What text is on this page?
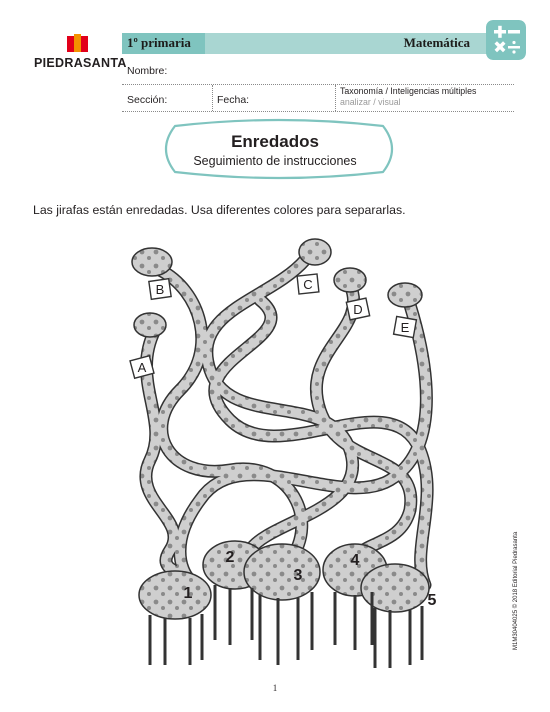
PIEDRASANTA
1º primaria	Matemática
Nombre:
Sección:	Fecha:
Taxonomía / Inteligencias múltiples
analizar / visual
Enredados
Seguimiento de instrucciones
Las jirafas están enredadas. Usa diferentes colores para separarlas.
A
B	C
D
E
1
2
3
4
5	M1M30404025 © 2018 Editorial Piedrasanta
1
